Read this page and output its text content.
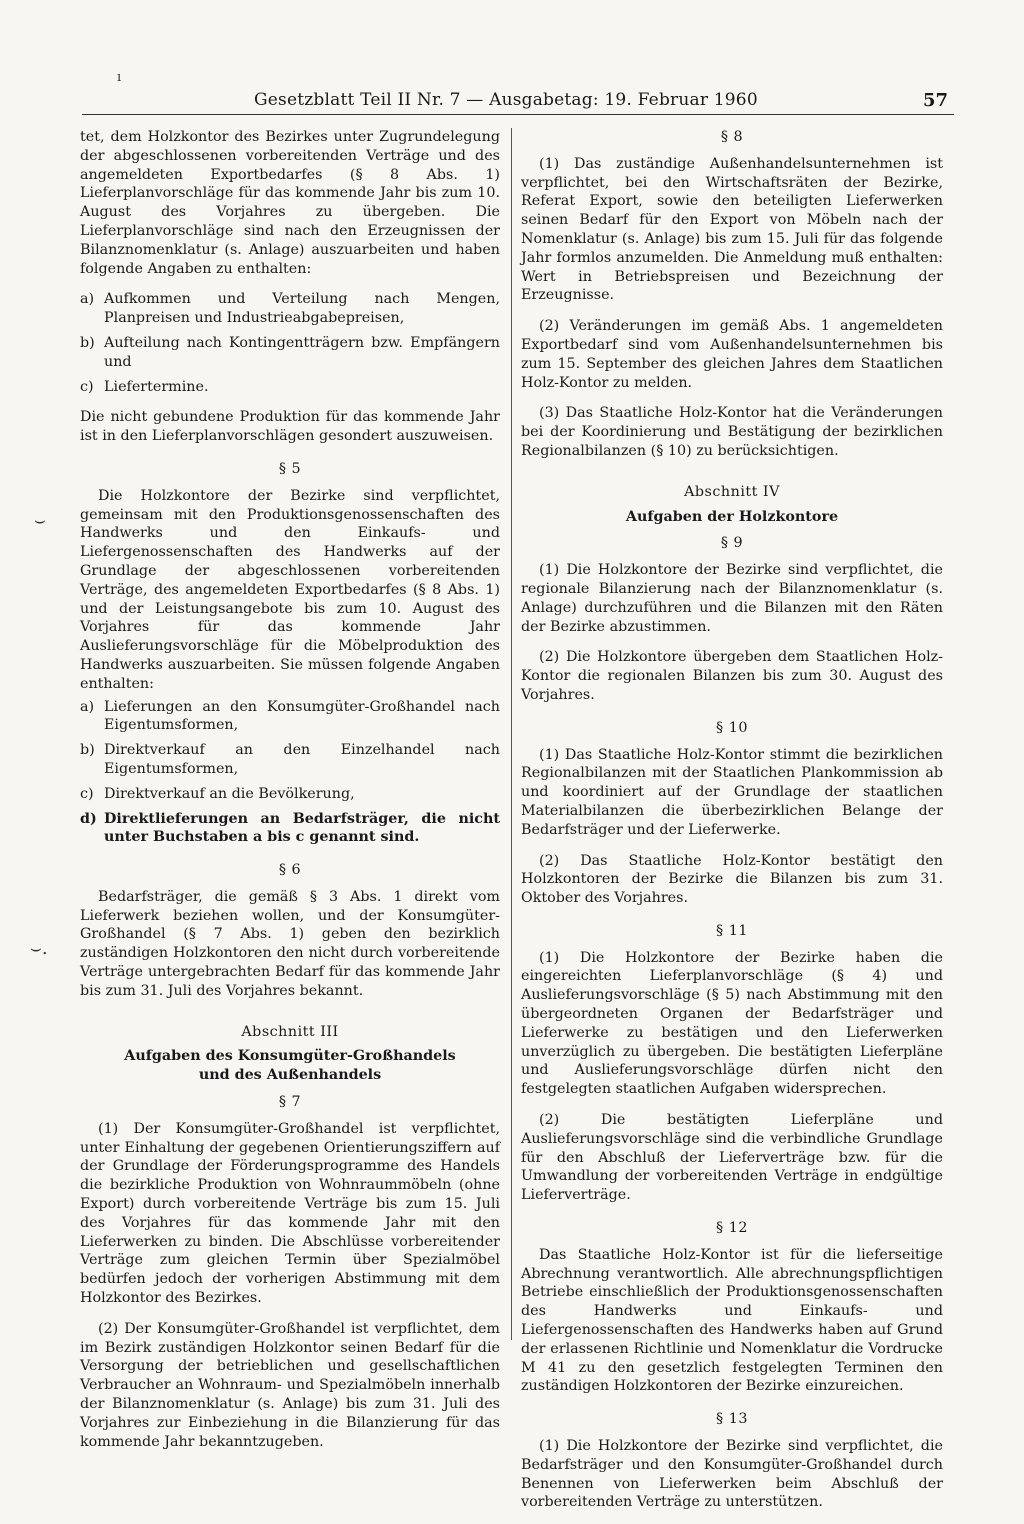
Gesetzblatt Teil II Nr. 7 — Ausgabetag: 19. Februar 1960	57
ı
⌣
⌣.

tet, dem Holzkontor des Bezirkes unter Zugrundelegung der abgeschlossenen vorbereitenden Verträge und des angemeldeten Exportbedarfes (§ 8 Abs. 1) Lieferplanvorschläge für das kommende Jahr bis zum 10. August des Vorjahres zu übergeben. Die Lieferplanvorschläge sind nach den Erzeugnissen der Bilanznomenklatur (s. Anlage) auszuarbeiten und haben folgende Angaben zu enthalten:

a) Aufkommen und Verteilung nach Mengen, Planpreisen und Industrieabgabepreisen,
b) Aufteilung nach Kontingentträgern bzw. Empfängern und
c) Liefertermine.

Die nicht gebundene Produktion für das kommende Jahr ist in den Lieferplanvorschlägen gesondert auszuweisen.

§ 5

Die Holzkontore der Bezirke sind verpflichtet, gemeinsam mit den Produktionsgenossenschaften des Handwerks und den Einkaufs- und Liefergenossenschaften des Handwerks auf der Grundlage der abgeschlossenen vorbereitenden Verträge, des angemeldeten Exportbedarfes (§ 8 Abs. 1) und der Leistungsangebote bis zum 10. August des Vorjahres für das kommende Jahr Auslieferungsvorschläge für die Möbelproduktion des Handwerks auszuarbeiten. Sie müssen folgende Angaben enthalten:

a) Lieferungen an den Konsumgüter-Großhandel nach Eigentumsformen,
b) Direktverkauf an den Einzelhandel nach Eigentumsformen,
c) Direktverkauf an die Bevölkerung,
d) Direktlieferungen an Bedarfsträger, die nicht unter Buchstaben a bis c genannt sind.
§ 6

Bedarfsträger, die gemäß § 3 Abs. 1 direkt vom Lieferwerk beziehen wollen, und der Konsumgüter-Großhandel (§ 7 Abs. 1) geben den bezirklich zuständigen Holzkontoren den nicht durch vorbereitende Verträge untergebrachten Bedarf für das kommende Jahr bis zum 31. Juli des Vorjahres bekannt.

Abschnitt III
Aufgaben des Konsumgüter-Großhandels
und des Außenhandels
§ 7

(1) Der Konsumgüter-Großhandel ist verpflichtet, unter Einhaltung der gegebenen Orientierungsziffern auf der Grundlage der Förderungsprogramme des Handels die bezirkliche Produktion von Wohnraummöbeln (ohne Export) durch vorbereitende Verträge bis zum 15. Juli des Vorjahres für das kommende Jahr mit den Lieferwerken zu binden. Die Abschlüsse vorbereitender Verträge zum gleichen Termin über Spezialmöbel bedürfen jedoch der vorherigen Abstimmung mit dem Holzkontor des Bezirkes.

(2) Der Konsumgüter-Großhandel ist verpflichtet, dem im Bezirk zuständigen Holzkontor seinen Bedarf für die Versorgung der betrieblichen und gesellschaftlichen Verbraucher an Wohnraum- und Spezialmöbeln innerhalb der Bilanznomenklatur (s. Anlage) bis zum 31. Juli des Vorjahres zur Einbeziehung in die Bilanzierung für das kommende Jahr bekanntzugeben.

§ 8

(1) Das zuständige Außenhandelsunternehmen ist verpflichtet, bei den Wirtschaftsräten der Bezirke, Referat Export, sowie den beteiligten Lieferwerken seinen Bedarf für den Export von Möbeln nach der Nomenklatur (s. Anlage) bis zum 15. Juli für das folgende Jahr formlos anzumelden. Die Anmeldung muß enthalten: Wert in Betriebspreisen und Bezeichnung der Erzeugnisse.

(2) Veränderungen im gemäß Abs. 1 angemeldeten Exportbedarf sind vom Außenhandelsunternehmen bis zum 15. September des gleichen Jahres dem Staatlichen Holz-Kontor zu melden.

(3) Das Staatliche Holz-Kontor hat die Veränderungen bei der Koordinierung und Bestätigung der bezirklichen Regionalbilanzen (§ 10) zu berücksichtigen.

Abschnitt IV
Aufgaben der Holzkontore
§ 9

(1) Die Holzkontore der Bezirke sind verpflichtet, die regionale Bilanzierung nach der Bilanznomenklatur (s. Anlage) durchzuführen und die Bilanzen mit den Räten der Bezirke abzustimmen.

(2) Die Holzkontore übergeben dem Staatlichen Holz-Kontor die regionalen Bilanzen bis zum 30. August des Vorjahres.

§ 10

(1) Das Staatliche Holz-Kontor stimmt die bezirklichen Regionalbilanzen mit der Staatlichen Plankommission ab und koordiniert auf der Grundlage der staatlichen Materialbilanzen die überbezirklichen Belange der Bedarfsträger und der Lieferwerke.

(2) Das Staatliche Holz-Kontor bestätigt den Holzkontoren der Bezirke die Bilanzen bis zum 31. Oktober des Vorjahres.

§ 11

(1) Die Holzkontore der Bezirke haben die eingereichten Lieferplanvorschläge (§ 4) und Auslieferungsvorschläge (§ 5) nach Abstimmung mit den übergeordneten Organen der Bedarfsträger und Lieferwerke zu bestätigen und den Lieferwerken unverzüglich zu übergeben. Die bestätigten Lieferpläne und Auslieferungsvorschläge dürfen nicht den festgelegten staatlichen Aufgaben widersprechen.

(2) Die bestätigten Lieferpläne und Auslieferungsvorschläge sind die verbindliche Grundlage für den Abschluß der Lieferverträge bzw. für die Umwandlung der vorbereitenden Verträge in endgültige Lieferverträge.

§ 12

Das Staatliche Holz-Kontor ist für die lieferseitige Abrechnung verantwortlich. Alle abrechnungspflichtigen Betriebe einschließlich der Produktionsgenossenschaften des Handwerks und Einkaufs- und Liefergenossenschaften des Handwerks haben auf Grund der erlassenen Richtlinie und Nomenklatur die Vordrucke M 41 zu den gesetzlich festgelegten Terminen den zuständigen Holzkontoren der Bezirke einzureichen.

§ 13

(1) Die Holzkontore der Bezirke sind verpflichtet, die Bedarfsträger und den Konsumgüter-Großhandel durch Benennen von Lieferwerken beim Abschluß der vorbereitenden Verträge zu unterstützen.
